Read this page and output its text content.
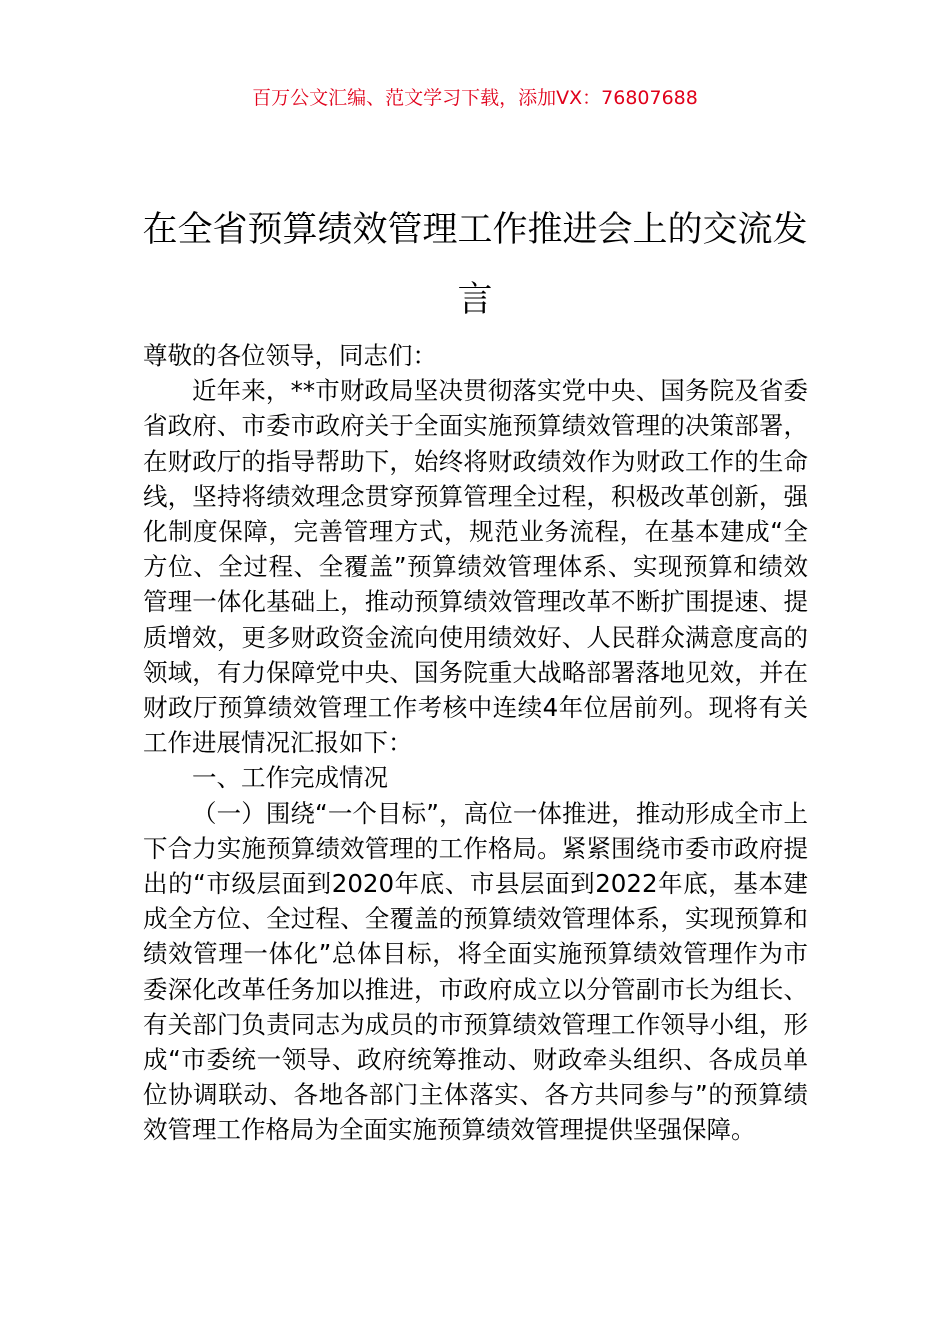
百万公文汇编、范文学习下载，添加VX：76807688
在全省预算绩效管理工作推进会上的交流发言

尊敬的各位领导，同志们：

近年来，**市财政局坚决贯彻落实党中央、国务院及省委省政府、市委市政府关于全面实施预算绩效管理的决策部署，在财政厅的指导帮助下，始终将财政绩效作为财政工作的生命线，坚持将绩效理念贯穿预算管理全过程，积极改革创新，强化制度保障，完善管理方式，规范业务流程，在基本建成“全方位、全过程、全覆盖”预算绩效管理体系、实现预算和绩效管理一体化基础上，推动预算绩效管理改革不断扩围提速、提质增效，更多财政资金流向使用绩效好、人民群众满意度高的领域，有力保障党中央、国务院重大战略部署落地见效，并在财政厅预算绩效管理工作考核中连续4年位居前列。现将有关工作进展情况汇报如下：

一、工作完成情况

（一）围绕“一个目标”，高位一体推进，推动形成全市上下合力实施预算绩效管理的工作格局。紧紧围绕市委市政府提出的“市级层面到2020年底、市县层面到2022年底，基本建成全方位、全过程、全覆盖的预算绩效管理体系，实现预算和绩效管理一体化”总体目标，将全面实施预算绩效管理作为市委深化改革任务加以推进，市政府成立以分管副市长为组长、有关部门负责同志为成员的市预算绩效管理工作领导小组，形成“市委统一领导、政府统筹推动、财政牵头组织、各成员单位协调联动、各地各部门主体落实、各方共同参与”的预算绩效管理工作格局为全面实施预算绩效管理提供坚强保障。
